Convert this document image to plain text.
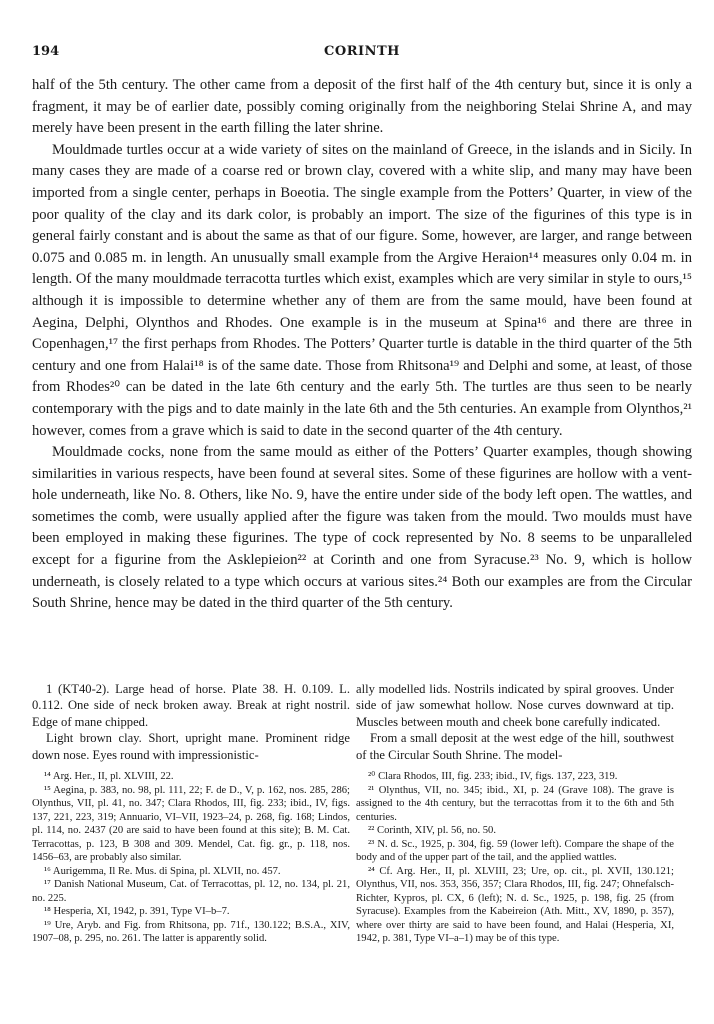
194	CORINTH

half of the 5th century. The other came from a deposit of the first half of the 4th century but, since it is only a fragment, it may be of earlier date, possibly coming originally from the neighboring Stelai Shrine A, and may merely have been present in the earth filling the later shrine.

Mouldmade turtles occur at a wide variety of sites on the mainland of Greece, in the islands and in Sicily. In many cases they are made of a coarse red or brown clay, covered with a white slip, and many may have been imported from a single center, perhaps in Boeotia. The single example from the Potters’ Quarter, in view of the poor quality of the clay and its dark color, is probably an import. The size of the figurines of this type is in general fairly constant and is about the same as that of our figure. Some, however, are larger, and range between 0.075 and 0.085 m. in length. An unusually small example from the Argive Heraion¹⁴ measures only 0.04 m. in length. Of the many mouldmade terracotta turtles which exist, examples which are very similar in style to ours,¹⁵ although it is impossible to determine whether any of them are from the same mould, have been found at Aegina, Delphi, Olynthos and Rhodes. One example is in the museum at Spina¹⁶ and there are three in Copenhagen,¹⁷ the first perhaps from Rhodes. The Potters’ Quarter turtle is datable in the third quarter of the 5th century and one from Halai¹⁸ is of the same date. Those from Rhitsona¹⁹ and Delphi and some, at least, of those from Rhodes²⁰ can be dated in the late 6th century and the early 5th. The turtles are thus seen to be nearly contemporary with the pigs and to date mainly in the late 6th and the 5th centuries. An example from Olynthos,²¹ however, comes from a grave which is said to date in the second quarter of the 4th century.

Mouldmade cocks, none from the same mould as either of the Potters’ Quarter examples, though showing similarities in various respects, have been found at several sites. Some of these figurines are hollow with a vent-hole underneath, like No. 8. Others, like No. 9, have the entire under side of the body left open. The wattles, and sometimes the comb, were usually applied after the figure was taken from the mould. Two moulds must have been employed in making these figurines. The type of cock represented by No. 8 seems to be unparalleled except for a figurine from the Asklepieion²² at Corinth and one from Syracuse.²³ No. 9, which is hollow underneath, is closely related to a type which occurs at various sites.²⁴ Both our examples are from the Circular South Shrine, hence may be dated in the third quarter of the 5th century.

1 (KT40-2). Large head of horse. Plate 38. H. 0.109. L. 0.112. One side of neck broken away. Break at right nostril. Edge of mane chipped.

Light brown clay. Short, upright mane. Prominent ridge down nose. Eyes round with impressionistic-

ally modelled lids. Nostrils indicated by spiral grooves. Under side of jaw somewhat hollow. Nose curves downward at tip. Muscles between mouth and cheek bone carefully indicated.

From a small deposit at the west edge of the hill, southwest of the Circular South Shrine. The model-

¹⁴ Arg. Her., II, pl. XLVIII, 22.

¹⁵ Aegina, p. 383, no. 98, pl. 111, 22; F. de D., V, p. 162, nos. 285, 286; Olynthus, VII, pl. 41, no. 347; Clara Rhodos, III, fig. 233; ibid., IV, figs. 137, 221, 223, 319; Annuario, VI–VII, 1923–24, p. 268, fig. 168; Lindos, pl. 114, no. 2437 (20 are said to have been found at this site); B. M. Cat. Terracottas, p. 123, B 308 and 309. Mendel, Cat. fig. gr., p. 118, nos. 1456–63, are probably also similar.

¹⁶ Aurigemma, Il Re. Mus. di Spina, pl. XLVII, no. 457.

¹⁷ Danish National Museum, Cat. of Terracottas, pl. 12, no. 134, pl. 21, no. 225.

¹⁸ Hesperia, XI, 1942, p. 391, Type VI–b–7.

¹⁹ Ure, Aryb. and Fig. from Rhitsona, pp. 71f., 130.122; B.S.A., XIV, 1907–08, p. 295, no. 261. The latter is apparently solid.

²⁰ Clara Rhodos, III, fig. 233; ibid., IV, figs. 137, 223, 319.

²¹ Olynthus, VII, no. 345; ibid., XI, p. 24 (Grave 108). The grave is assigned to the 4th century, but the terracottas from it to the 6th and 5th centuries.

²² Corinth, XIV, pl. 56, no. 50.

²³ N. d. Sc., 1925, p. 304, fig. 59 (lower left). Compare the shape of the body and of the upper part of the tail, and the applied wattles.

²⁴ Cf. Arg. Her., II, pl. XLVIII, 23; Ure, op. cit., pl. XVII, 130.121; Olynthus, VII, nos. 353, 356, 357; Clara Rhodos, III, fig. 247; Ohnefalsch-Richter, Kypros, pl. CX, 6 (left); N. d. Sc., 1925, p. 198, fig. 25 (from Syracuse). Examples from the Kabeireion (Ath. Mitt., XV, 1890, p. 357), where over thirty are said to have been found, and Halai (Hesperia, XI, 1942, p. 381, Type VI–a–1) may be of this type.
